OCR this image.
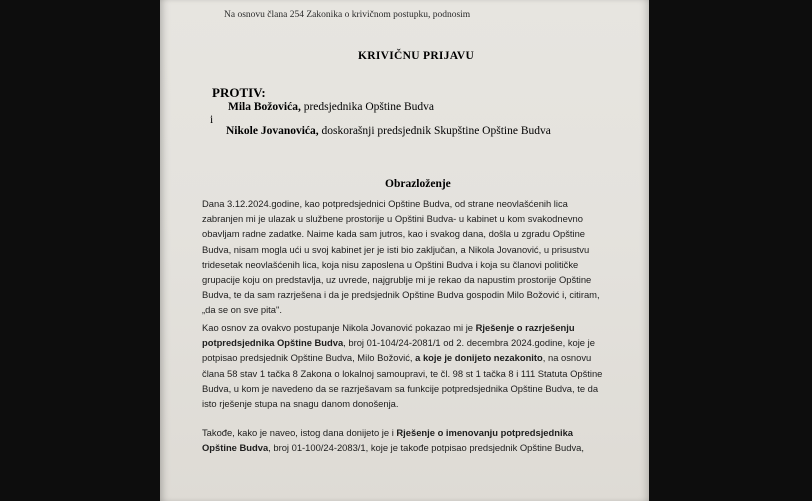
Na osnovu člana 254 Zakonika o krivičnom postupku, podnosim
KRIVIČNU PRIJAVU
PROTIV:
Mila Božovića, predsjednika Opštine Budva
i
Nikole Jovanovića, doskorašnji predsjednik Skupštine Opštine Budva
Obrazloženje
Dana 3.12.2024.godine, kao potpredsjednici Opštine Budva, od strane neovlašćenih lica
zabranjen mi je ulazak u službene prostorije u Opštini Budva- u kabinet u kom svakodnevno
obavljam radne zadatke. Naime kada sam jutros, kao i svakog dana, došla u zgradu Opštine
Budva, nisam mogla ući u svoj kabinet jer je isti bio zaključan, a Nikola Jovanović, u prisustvu
tridesetak neovlašćenih lica, koja nisu zaposlena u Opštini Budva i koja su članovi političke
grupacije koju on predstavlja, uz uvrede, najgrublje mi je rekao da napustim prostorije Opštine
Budva, te da sam razrješena i da je predsjednik Opštine Budva gospodin Milo Božović i, citiram,
„da se on sve pita".
Kao osnov za ovakvo postupanje Nikola Jovanović pokazao mi je Rješenje o razrješenju
potpredsjednika Opštine Budva, broj 01-104/24-2081/1 od 2. decembra 2024.godine, koje je
potpisao predsjednik Opštine Budva, Milo Božović, a koje je donijeto nezakonito, na osnovu
člana 58 stav 1 tačka 8 Zakona o lokalnoj samoupravi, te čl. 98 st 1 tačka 8 i 111 Statuta Opštine
Budva, u kom je navedeno da se razrješavam sa funkcije potpredsjednika Opštine Budva, te da
isto rješenje stupa na snagu danom donošenja.
Takođe, kako je naveo, istog dana donijeto je i Rješenje o imenovanju potpredsjednika
Opštine Budva, broj 01-100/24-2083/1, koje je takođe potpisao predsjednik Opštine Budva,
